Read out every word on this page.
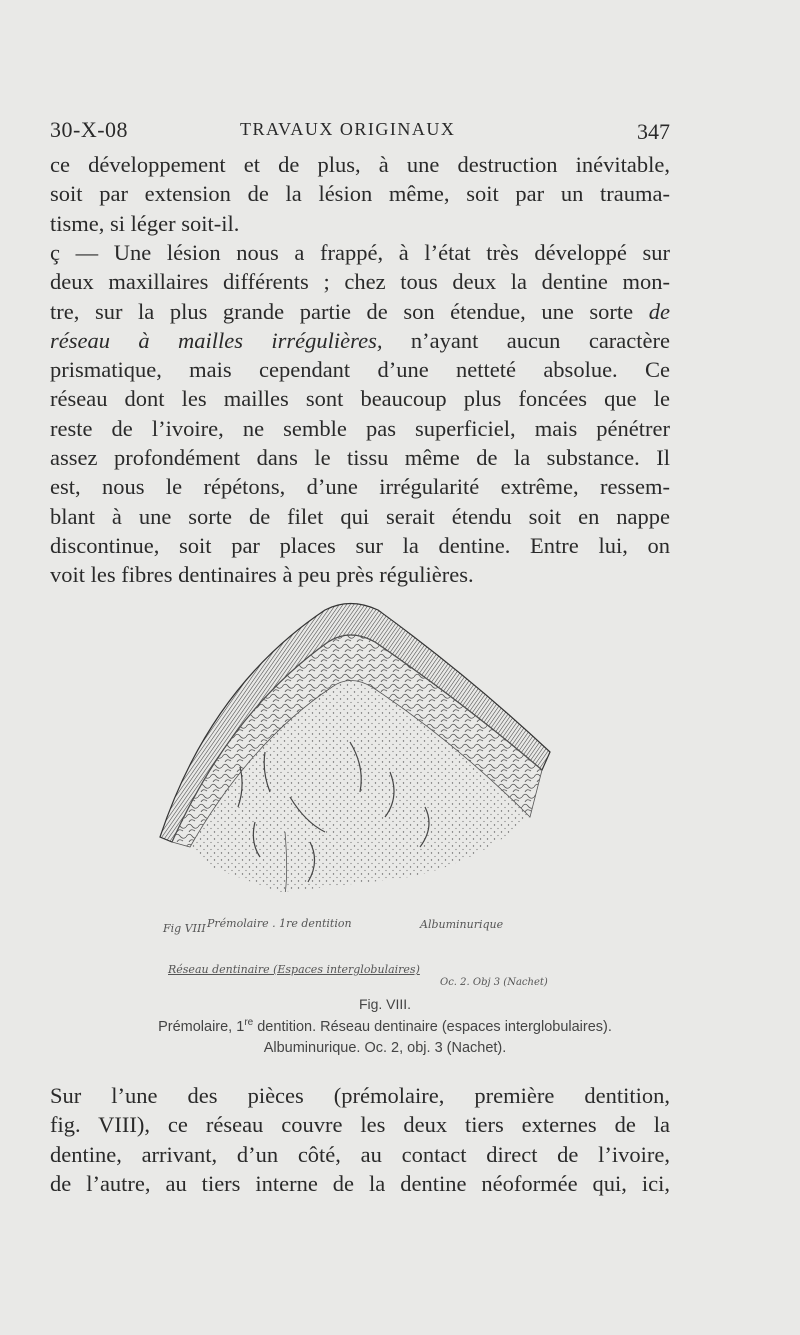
30-X-08	TRAVAUX ORIGINAUX	347
ce développement et de plus, à une destruction inévitable,
soit par extension de la lésion même, soit par un trauma-
tisme, si léger soit-il.
ç — Une lésion nous a frappé, à l’état très développé sur
deux maxillaires différents ; chez tous deux la dentine mon-
tre, sur la plus grande partie de son étendue, une sorte de
réseau à mailles irrégulières, n’ayant aucun caractère
prismatique, mais cependant d’une netteté absolue. Ce
réseau dont les mailles sont beaucoup plus foncées que le
reste de l’ivoire, ne semble pas superficiel, mais pénétrer
assez profondément dans le tissu même de la substance. Il
est, nous le répétons, d’une irrégularité extrême, ressem-
blant à une sorte de filet qui serait étendu soit en nappe
discontinue, soit par places sur la dentine. Entre lui, on
voit les fibres dentinaires à peu près régulières.
Fig VIII Prémolaire . 1re dentition	Albuminurique
Réseau dentinaire (Espaces interglobulaires)
Oc. 2. Obj 3 (Nachet)
Fig. VIII.
Prémolaire, 1re dentition. Réseau dentinaire (espaces interglobulaires).
Albuminurique. Oc. 2, obj. 3 (Nachet).
Sur l’une des pièces (prémolaire, première dentition,
fig. VIII), ce réseau couvre les deux tiers externes de la
dentine, arrivant, d’un côté, au contact direct de l’ivoire,
de l’autre, au tiers interne de la dentine néoformée qui, ici,
